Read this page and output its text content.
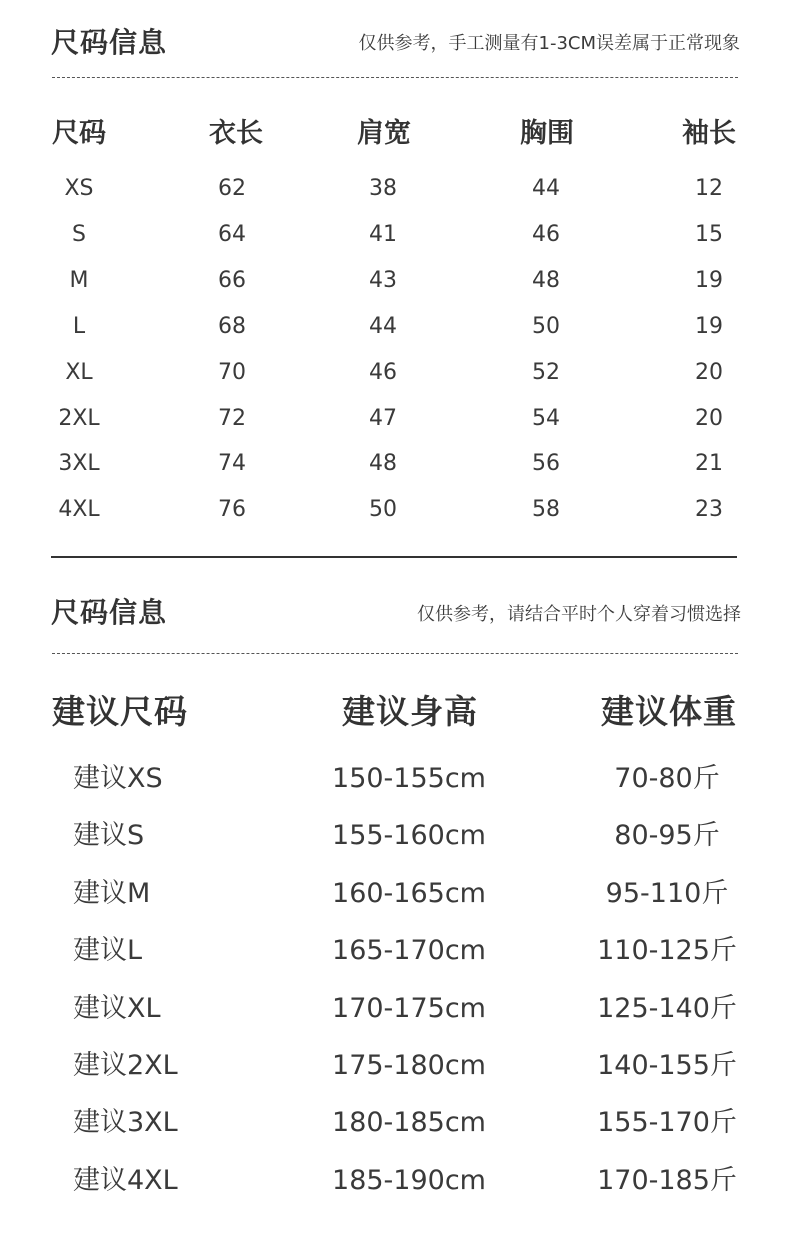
尺码信息	仅供参考，手工测量有1-3CM误差属于正常现象
尺码	衣长	肩宽	胸围	袖长
XS	62	38	44	12
S	64	41	46	15
M	66	43	48	19
L	68	44	50	19
XL	70	46	52	20
2XL	72	47	54	20
3XL	74	48	56	21
4XL	76	50	58	23
尺码信息	仅供参考，请结合平时个人穿着习惯选择
建议尺码	建议身高	建议体重
建议XS	150-155cm	70-80斤
建议S	155-160cm	80-95斤
建议M	160-165cm	95-110斤
建议L	165-170cm	110-125斤
建议XL	170-175cm	125-140斤
建议2XL	175-180cm	140-155斤
建议3XL	180-185cm	155-170斤
建议4XL	185-190cm	170-185斤
